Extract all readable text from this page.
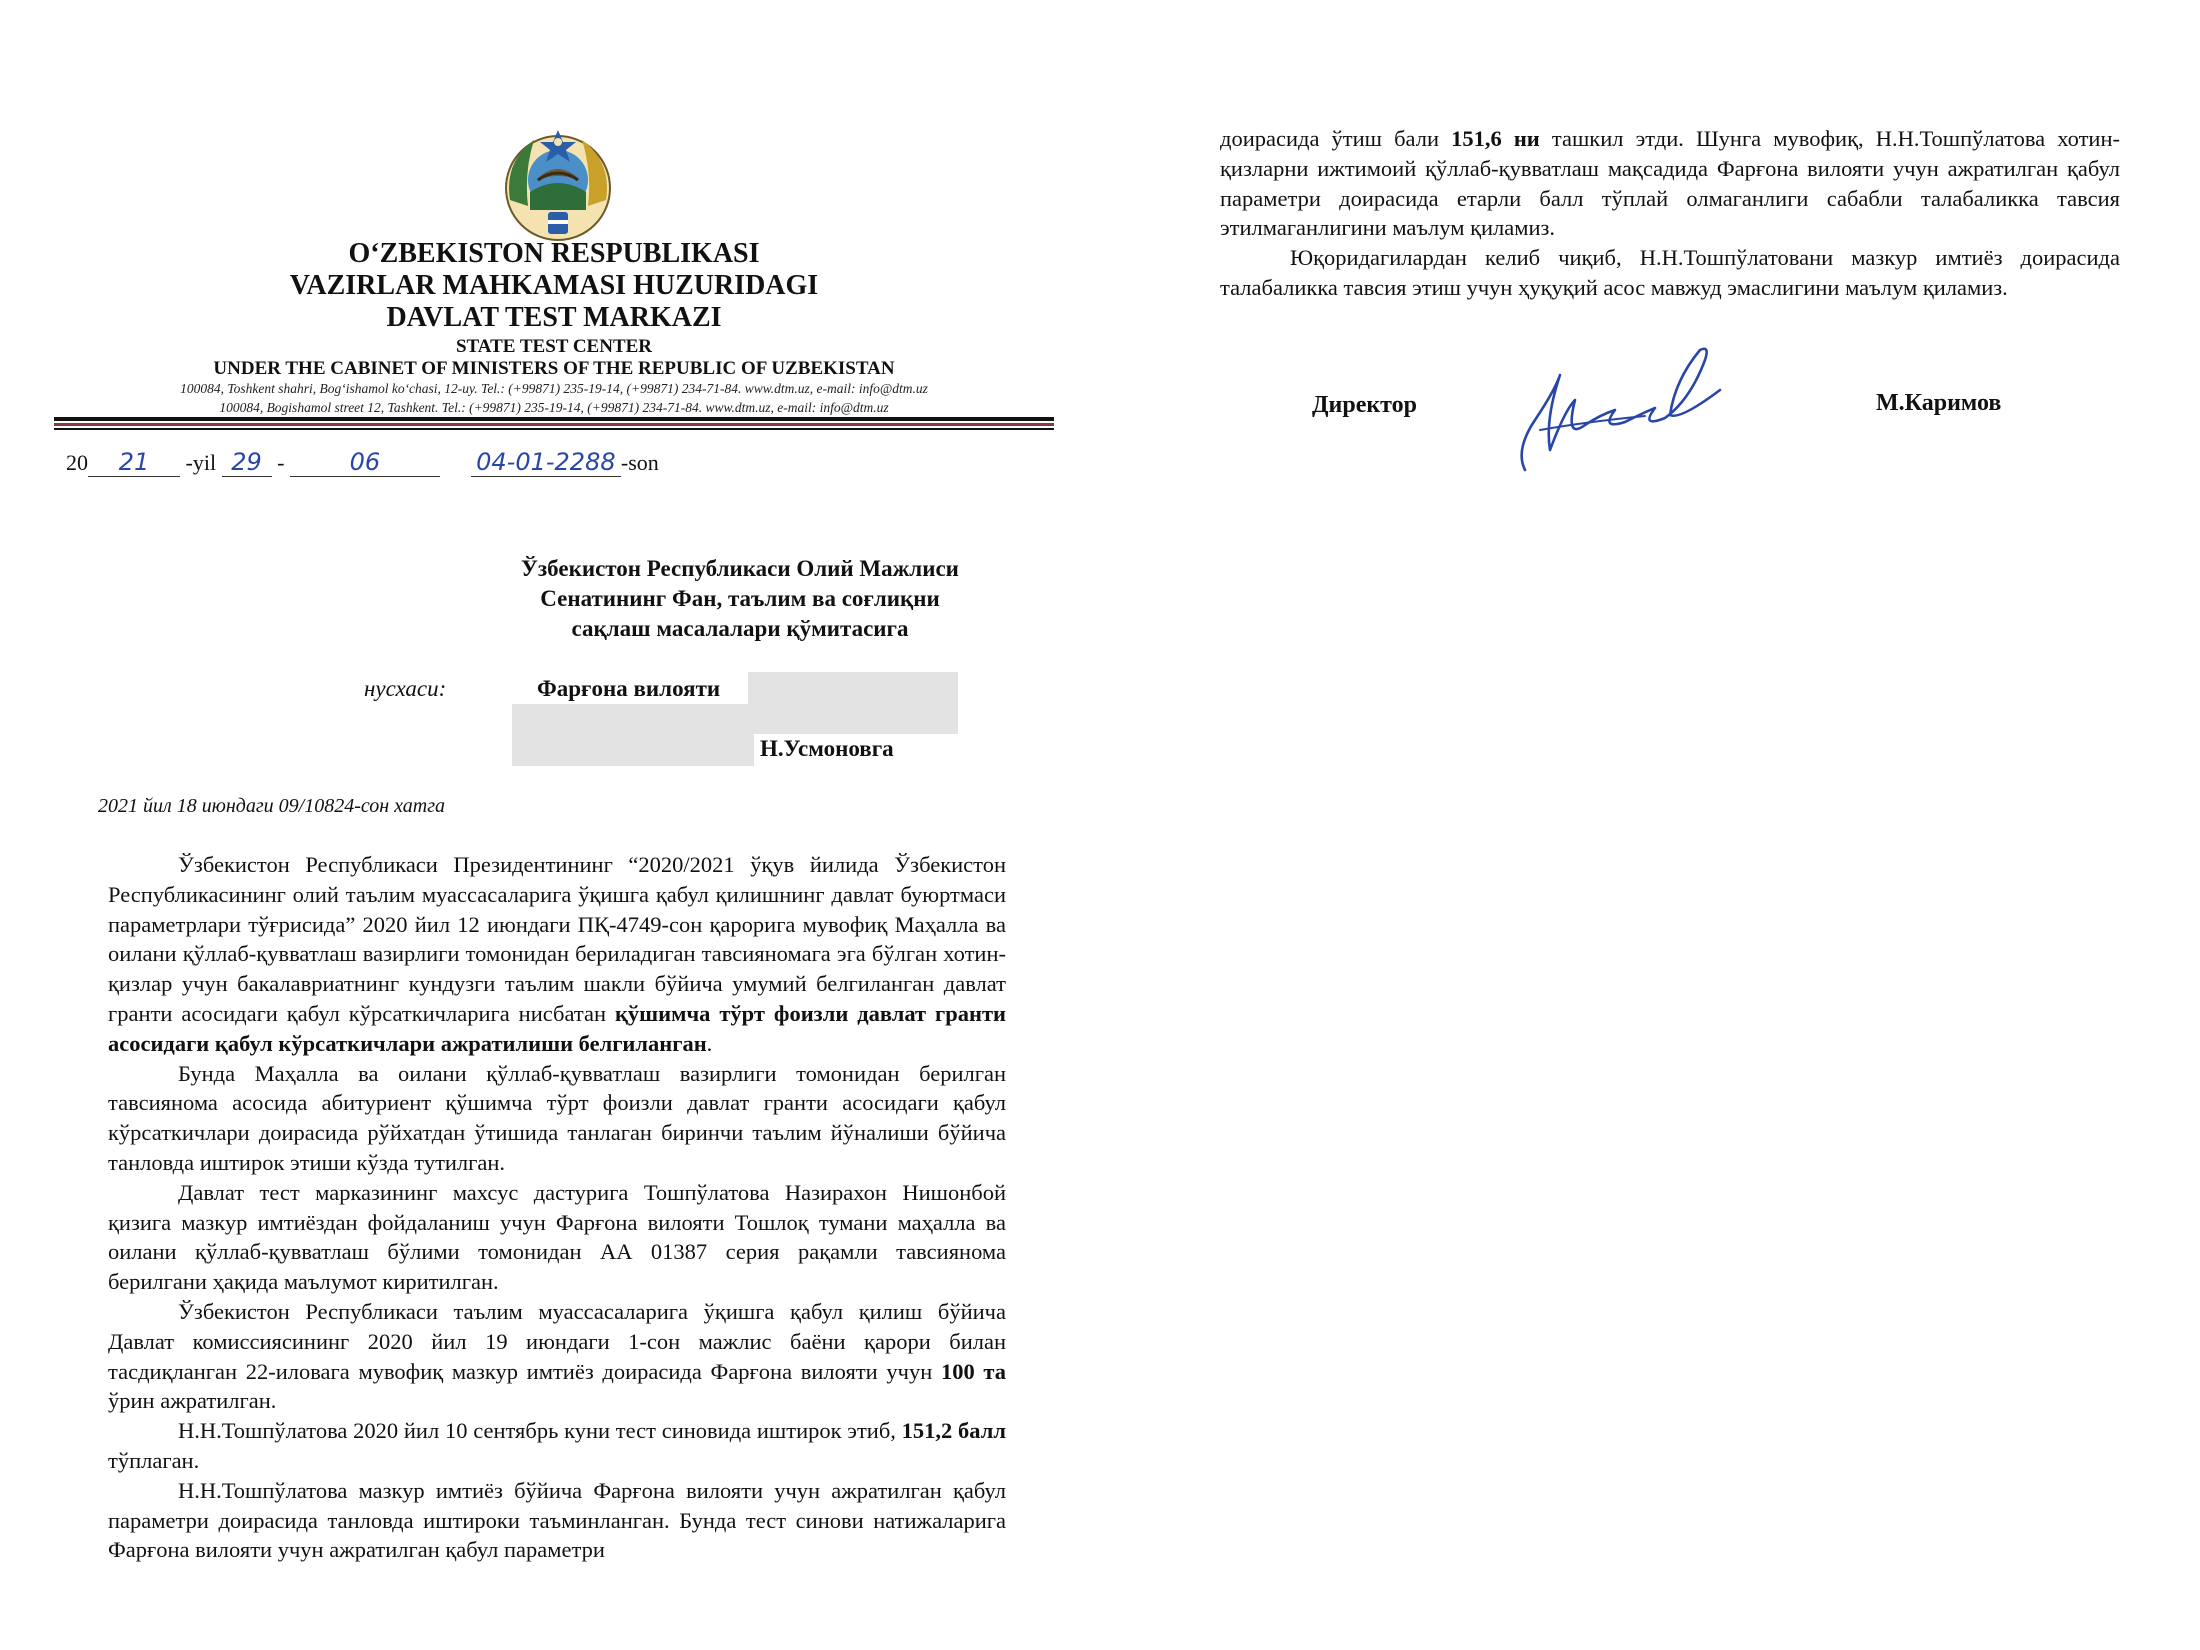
O‘ZBEKISTON RESPUBLIKASI
VAZIRLAR MAHKAMASI HUZURIDAGI
DAVLAT TEST MARKAZI
STATE TEST CENTER
UNDER THE CABINET OF MINISTERS OF THE REPUBLIC OF UZBEKISTAN
100084, Toshkent shahri, Bog‘ishamol ko‘chasi, 12-uy. Tel.: (+99871) 235-19-14, (+99871) 234-71-84. www.dtm.uz, e-mail: info@dtm.uz
100084, Bogishamol street 12, Tashkent. Tel.: (+99871) 235-19-14, (+99871) 234-71-84. www.dtm.uz, e-mail: info@dtm.uz
20 21 -yil 29 -	06	04-01-2288 -son
Ўзбекистон Республикаси Олий Мажлиси
Сенатининг Фан, таълим ва соғлиқни
сақлаш масалалари қўмитасига
нусхаси:	Фарғона вилояти
Н.Усмоновга
2021 йил 18 июндаги 09/10824-сон хатга

Ўзбекистон Республикаси Президентининг “2020/2021 ўқув йилида Ўзбекистон Республикасининг олий таълим муассасаларига ўқишга қабул қилишнинг давлат буюртмаси параметрлари тўғрисида” 2020 йил 12 июндаги ПҚ-4749-сон қарорига мувофиқ Маҳалла ва оилани қўллаб-қувватлаш вазирлиги томонидан бериладиган тавсияномага эга бўлган хотин-қизлар учун бакалавриатнинг кундузги таълим шакли бўйича умумий белгиланган давлат гранти асосидаги қабул кўрсаткичларига нисбатан қўшимча тўрт фоизли давлат гранти асосидаги қабул кўрсаткичлари ажратилиши белгиланган.

Бунда Маҳалла ва оилани қўллаб-қувватлаш вазирлиги томонидан берилган тавсиянома асосида абитуриент қўшимча тўрт фоизли давлат гранти асосидаги қабул кўрсаткичлари доирасида рўйхатдан ўтишида танлаган биринчи таълим йўналиши бўйича танловда иштирок этиши кўзда тутилган.

Давлат тест марказининг махсус дастурига Тошпўлатова Назирахон Нишонбой қизига мазкур имтиёздан фойдаланиш учун Фарғона вилояти Тошлоқ тумани маҳалла ва оилани қўллаб-қувватлаш бўлими томонидан АА 01387 серия рақамли тавсиянома берилгани ҳақида маълумот киритилган.

Ўзбекистон Республикаси таълим муассасаларига ўқишга қабул қилиш бўйича Давлат комиссиясининг 2020 йил 19 июндаги 1-сон мажлис баёни қарори билан тасдиқланган 22-иловага мувофиқ мазкур имтиёз доирасида Фарғона вилояти учун 100 та ўрин ажратилган.

Н.Н.Тошпўлатова 2020 йил 10 сентябрь куни тест синовида иштирок этиб, 151,2 балл тўплаган.

Н.Н.Тошпўлатова мазкур имтиёз бўйича Фарғона вилояти учун ажратилган қабул параметри доирасида танловда иштироки таъминланган. Бунда тест синови натижаларига Фарғона вилояти учун ажратилган қабул параметри

доирасида ўтиш бали 151,6 ни ташкил этди. Шунга мувофиқ, Н.Н.Тошпўлатова хотин-қизларни ижтимоий қўллаб-қувватлаш мақсадида Фарғона вилояти учун ажратилган қабул параметри доирасида етарли балл тўплай олмаганлиги сабабли талабаликка тавсия этилмаганлигини маълум қиламиз.

Юқоридагилардан келиб чиқиб, Н.Н.Тошпўлатовани мазкур имтиёз доирасида талабаликка тавсия этиш учун ҳуқуқий асос мавжуд эмаслигини маълум қиламиз.

Директор	М.Каримов
